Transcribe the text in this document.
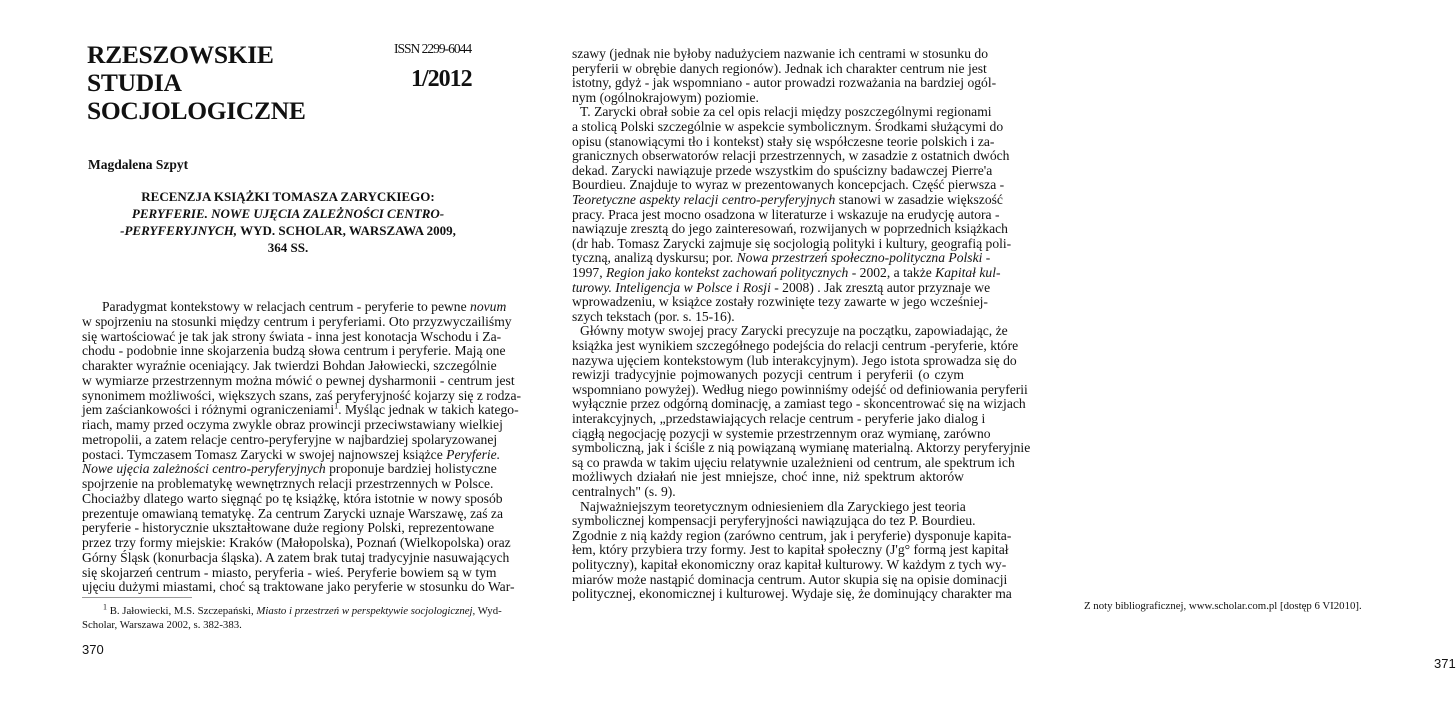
RZESZOWSKIE
STUDIA SOCJOLOGICZNE
ISSN 2299-6044
1/2012
Magdalena Szpyt
RECENZJA KSIĄŻKI TOMASZA ZARYCKIEGO:
PERYFERIE. NOWE UJĘCIA ZALEŻNOŚCI CENTRO-
-PERYFERYJNYCH, WYD. SCHOLAR, WARSZAWA 2009,
364 SS.
Paradygmat kontekstowy w relacjach centrum - peryferie to pewne novum
w spojrzeniu na stosunki między centrum i peryferiami. Oto przyzwyczailiśmy
się wartościować je tak jak strony świata - inna jest konotacja Wschodu i Za-
chodu - podobnie inne skojarzenia budzą słowa centrum i peryferie. Mają one
charakter wyraźnie oceniający. Jak twierdzi Bohdan Jałowiecki, szczególnie
w wymiarze przestrzennym można mówić o pewnej dysharmonii - centrum jest
synonimem możliwości, większych szans, zaś peryferyjność kojarzy się z rodza-
jem zaściankowości i różnymi ograniczeniami$^1$. Myśląc jednak w takich katego-
riach, mamy przed oczyma zwykle obraz prowincji przeciwstawiany wielkiej
metropolii, a zatem relacje centro-peryferyjne w najbardziej spolaryzowanej
postaci. Tymczasem Tomasz Zarycki w swojej najnowszej książce Peryferie.
Nowe ujęcia zależności centro-peryferyjnych proponuje bardziej holistyczne
spojrzenie na problematykę wewnętrznych relacji przestrzennych w Polsce.
Chociażby dlatego warto sięgnąć po tę książkę, która istotnie w nowy sposób
prezentuje omawianą tematykę. Za centrum Zarycki uznaje Warszawę, zaś za
peryferie - historycznie ukształtowane duże regiony Polski, reprezentowane
przez trzy formy miejskie: Kraków (Małopolska), Poznań (Wielkopolska) oraz
Górny Śląsk (konurbacja śląska). A zatem brak tutaj tradycyjnie nasuwających
się skojarzeń centrum - miasto, peryferia - wieś. Peryferie bowiem są w tym
ujęciu dużymi miastami, choć są traktowane jako peryferie w stosunku do War-
$^1$ B. Jałowiecki, M.S. Szczepański, Miasto i przestrzeń w perspektywie socjologicznej, Wyd-
Scholar, Warszawa 2002, s. 382-383.
370
szawy (jednak nie byłoby nadużyciem nazwanie ich centrami w stosunku do
peryferii w obrębie danych regionów). Jednak ich charakter centrum nie jest
istotny, gdyż - jak wspomniano - autor prowadzi rozważania na bardziej ogól-
nym (ogólnokrajowym) poziomie.
T. Zarycki obrał sobie za cel opis relacji między poszczególnymi regionami
a stolicą Polski szczególnie w aspekcie symbolicznym. Środkami służącymi do
opisu (stanowiącymi tło i kontekst) stały się współczesne teorie polskich i za-
granicznych obserwatorów relacji przestrzennych, w zasadzie z ostatnich dwóch
dekad. Zarycki nawiązuje przede wszystkim do spuścizny badawczej Pierre'a
Bourdieu. Znajduje to wyraz w prezentowanych koncepcjach. Część pierwsza -
Teoretyczne aspekty relacji centro-peryferyjnych stanowi w zasadzie większość
pracy. Praca jest mocno osadzona w literaturze i wskazuje na erudycję autora -
nawiązuje zresztą do jego zainteresowań, rozwijanych w poprzednich książkach
(dr hab. Tomasz Zarycki zajmuje się socjologią polityki i kultury, geografią poli-
tyczną, analizą dyskursu; por. Nowa przestrzeń społeczno-polityczna Polski -
1997, Region jako kontekst zachowań politycznych - 2002, a także Kapitał kul-
turowy. Inteligencja w Polsce i Rosji - 2008) . Jak zresztą autor przyznaje we
wprowadzeniu, w książce zostały rozwinięte tezy zawarte w jego wcześniej-
szych tekstach (por. s. 15-16).
Główny motyw swojej pracy Zarycki precyzuje na początku, zapowiadając, że
książka jest wynikiem szczegółnego podejścia do relacji centrum -peryferie, które
nazywa ujęciem kontekstowym (lub interakcyjnym). Jego istota sprowadza się do
rewizji tradycyjnie pojmowanych pozycji centrum i peryferii (o czym
wspomniano powyżej). Według niego powinniśmy odejść od definiowania peryferii
wyłącznie przez odgórną dominację, a zamiast tego - skoncentrować się na wizjach
interakcyjnych, „przedstawiających relacje centrum - peryferie jako dialog i
ciągłą negocjację pozycji w systemie przestrzennym oraz wymianę, zarówno
symboliczną, jak i ściśle z nią powiązaną wymianę materialną. Aktorzy peryferyjnie
są co prawda w takim ujęciu relatywnie uzależnieni od centrum, ale spektrum ich
możliwych działań nie jest mniejsze, choć inne, niż spektrum aktorów
centralnych" (s. 9).
Najważniejszym teoretycznym odniesieniem dla Zaryckiego jest teoria
symbolicznej kompensacji peryferyjności nawiązująca do tez P. Bourdieu.
Zgodnie z nią każdy region (zarówno centrum, jak i peryferie) dysponuje kapita-
łem, który przybiera trzy formy. Jest to kapitał społeczny (J'g° formą jest kapitał
polityczny), kapitał ekonomiczny oraz kapitał kulturowy. W każdym z tych wy-
miarów może nastąpić dominacja centrum. Autor skupia się na opisie dominacji
politycznej, ekonomicznej i kulturowej. Wydaje się, że dominujący charakter ma
Z noty bibliograficznej, www.scholar.com.pl [dostęp 6 VI2010].
371
